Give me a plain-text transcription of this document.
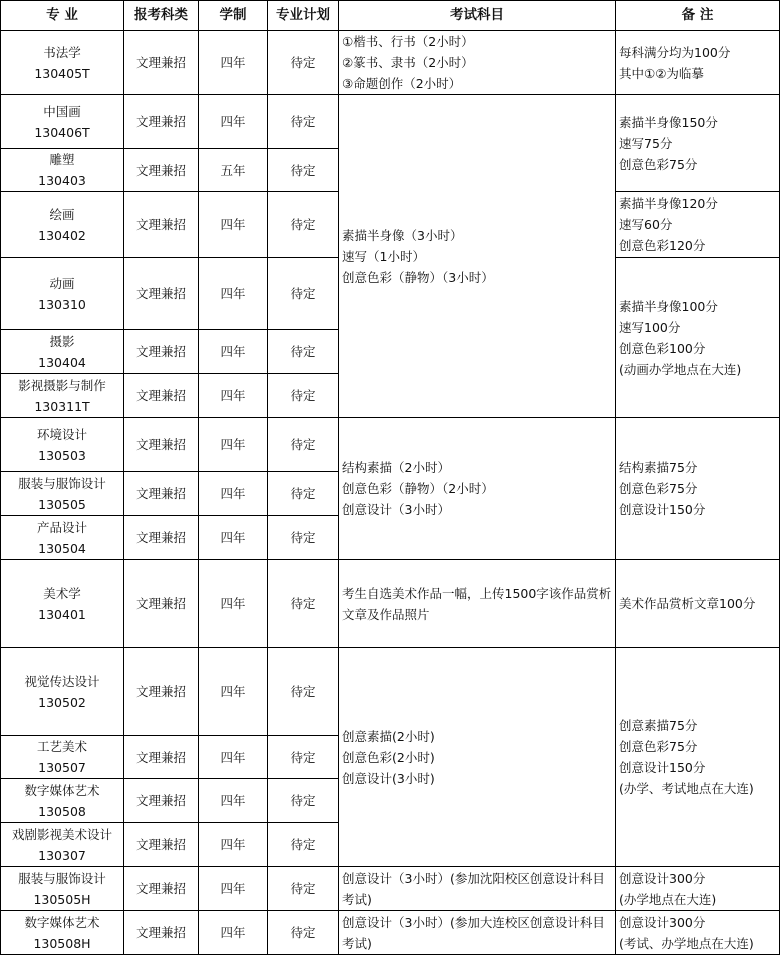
专 业	报考科类	学制	专业计划	考试科目	备 注

书法学
130405T	文理兼招	四年	待定	①楷书、行书（2小时）
②篆书、隶书（2小时）
③命题创作（2小时）	每科满分均为100分
其中①②为临摹

中国画
130406T	文理兼招	四年	待定	素描半身像（3小时）
速写（1小时）
创意色彩（静物）（3小时）	素描半身像150分
速写75分
创意色彩75分

雕塑
130403	文理兼招	五年	待定		

绘画
130402	文理兼招	四年	待定		素描半身像120分
速写60分
创意色彩120分

动画
130310	文理兼招	四年	待定		素描半身像100分
速写100分
创意色彩100分
(动画办学地点在大连)

摄影
130404	文理兼招	四年	待定		

影视摄影与制作
130311T	文理兼招	四年	待定		

环境设计
130503	文理兼招	四年	待定	结构素描（2小时）
创意色彩（静物）（2小时）
创意设计（3小时）	结构素描75分
创意色彩75分
创意设计150分

服装与服饰设计
130505	文理兼招	四年	待定		

产品设计
130504	文理兼招	四年	待定		

美术学
130401	文理兼招	四年	待定	考生自选美术作品一幅，上传1500字该作品赏析文章及作品照片	美术作品赏析文章100分

视觉传达设计
130502	文理兼招	四年	待定	创意素描(2小时)
创意色彩(2小时)
创意设计(3小时)	创意素描75分
创意色彩75分
创意设计150分
(办学、考试地点在大连)

工艺美术
130507	文理兼招	四年	待定		

数字媒体艺术
130508	文理兼招	四年	待定		

戏剧影视美术设计
130307	文理兼招	四年	待定		

服装与服饰设计
130505H	文理兼招	四年	待定	创意设计（3小时）(参加沈阳校区创意设计科目考试)	创意设计300分
(办学地点在大连)

数字媒体艺术
130508H	文理兼招	四年	待定	创意设计（3小时）(参加大连校区创意设计科目考试)	创意设计300分
(考试、办学地点在大连)
